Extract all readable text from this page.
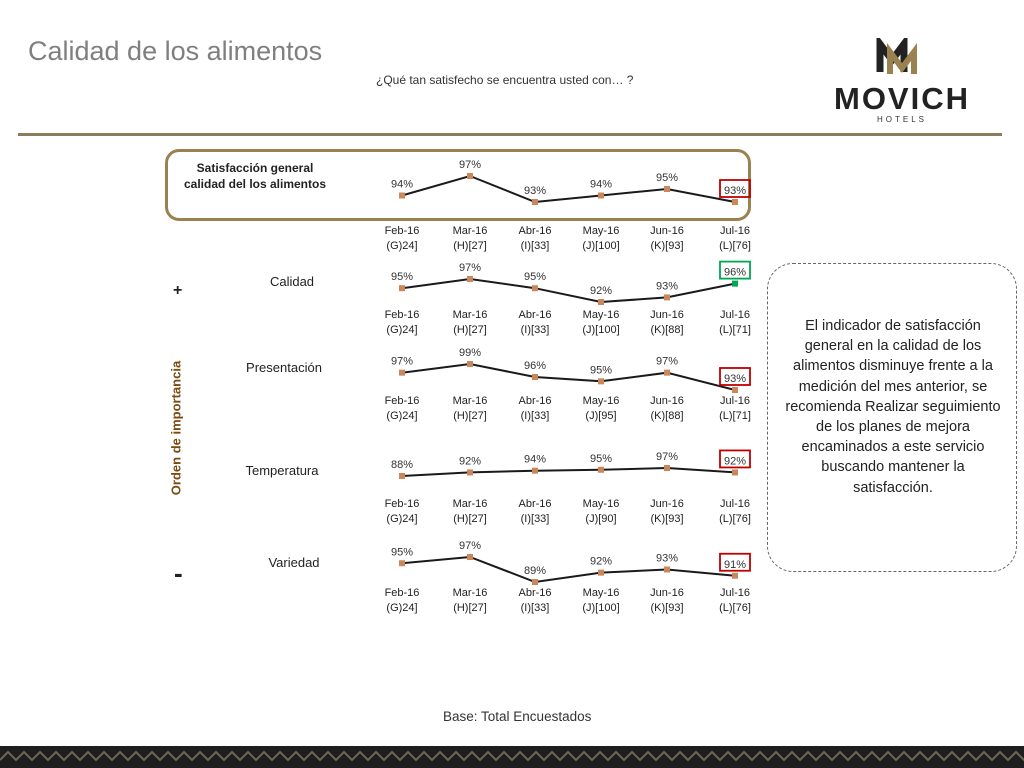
Calidad de los alimentos
¿Qué tan satisfecho se encuentra usted con… ?
MOVICH
HOTELS
Satisfacción general calidad del los alimentos
Calidad
Presentación
Temperatura
Variedad
Orden de importancia
+
-
94%
Feb-16
(G)24]
97%
Mar-16
(H)[27]
93%
Abr-16
(I)[33]
94%
May-16
(J)[100]
95%
Jun-16
(K)[93]
93%
Jul-16
(L)[76]
95%
Feb-16
(G)24]
97%
Mar-16
(H)[27]
95%
Abr-16
(I)[33]
92%
May-16
(J)[100]
93%
Jun-16
(K)[88]
96%
Jul-16
(L)[71]
97%
Feb-16
(G)24]
99%
Mar-16
(H)[27]
96%
Abr-16
(I)[33]
95%
May-16
(J)[95]
97%
Jun-16
(K)[88]
93%
Jul-16
(L)[71]
88%
Feb-16
(G)24]
92%
Mar-16
(H)[27]
94%
Abr-16
(I)[33]
95%
May-16
(J)[90]
97%
Jun-16
(K)[93]
92%
Jul-16
(L)[76]
95%
Feb-16
(G)24]
97%
Mar-16
(H)[27]
89%
Abr-16
(I)[33]
92%
May-16
(J)[100]
93%
Jun-16
(K)[93]
91%
Jul-16
(L)[76]
El indicador de satisfacción general en la calidad de los alimentos disminuye frente a la medición del mes anterior, se recomienda Realizar seguimiento de los planes de mejora encaminados a este servicio buscando mantener la satisfacción.
Base: Total Encuestados
